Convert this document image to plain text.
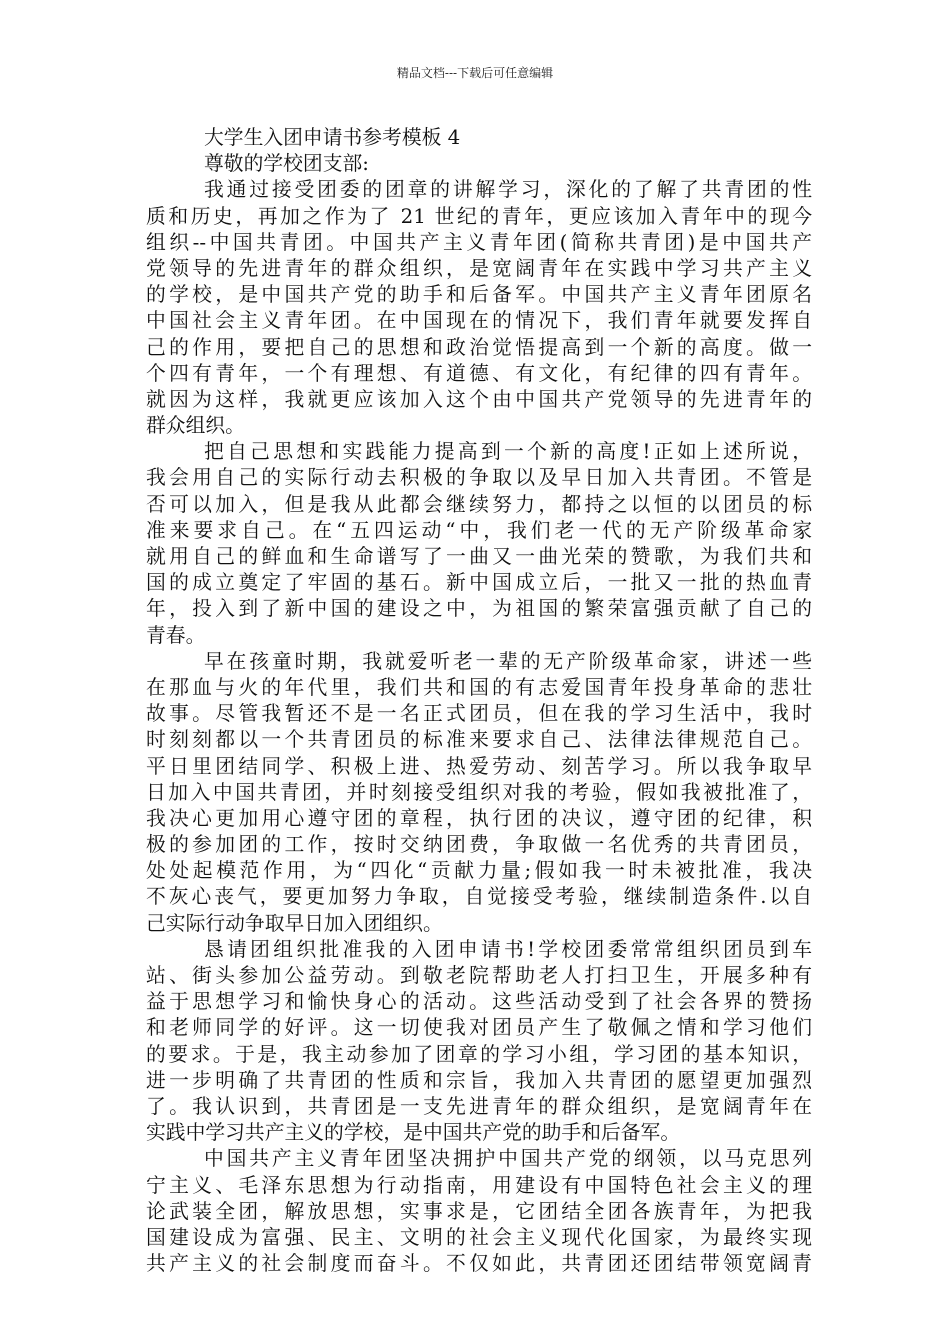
精品文档---下载后可任意编辑
大学生入团申请书参考模板 4
尊敬的学校团支部:
我通过接受团委的团章的讲解学习，深化的了解了共青团的性
质和历史，再加之作为了 21 世纪的青年，更应该加入青年中的现今
组织--中国共青团。中国共产主义青年团(简称共青团)是中国共产
党领导的先进青年的群众组织，是宽阔青年在实践中学习共产主义
的学校，是中国共产党的助手和后备军。中国共产主义青年团原名
中国社会主义青年团。在中国现在的情况下，我们青年就要发挥自
己的作用，要把自己的思想和政治觉悟提高到一个新的高度。做一
个四有青年，一个有理想、有道德、有文化，有纪律的四有青年。
就因为这样，我就更应该加入这个由中国共产党领导的先进青年的
群众组织。
把自己思想和实践能力提高到一个新的高度!正如上述所说，
我会用自己的实际行动去积极的争取以及早日加入共青团。不管是
否可以加入，但是我从此都会继续努力，都持之以恒的以团员的标
准来要求自己。在“五四运动“中，我们老一代的无产阶级革命家
就用自己的鲜血和生命谱写了一曲又一曲光荣的赞歌，为我们共和
国的成立奠定了牢固的基石。新中国成立后，一批又一批的热血青
年，投入到了新中国的建设之中，为祖国的繁荣富强贡献了自己的
青春。
早在孩童时期，我就爱听老一辈的无产阶级革命家，讲述一些
在那血与火的年代里，我们共和国的有志爱国青年投身革命的悲壮
故事。尽管我暂还不是一名正式团员，但在我的学习生活中，我时
时刻刻都以一个共青团员的标准来要求自己、法律法律规范自己。
平日里团结同学、积极上进、热爱劳动、刻苦学习。所以我争取早
日加入中国共青团，并时刻接受组织对我的考验，假如我被批准了，
我决心更加用心遵守团的章程，执行团的决议，遵守团的纪律，积
极的参加团的工作，按时交纳团费，争取做一名优秀的共青团员，
处处起模范作用，为“四化“贡献力量;假如我一时未被批准，我决
不灰心丧气，要更加努力争取，自觉接受考验，继续制造条件.以自
己实际行动争取早日加入团组织。
恳请团组织批准我的入团申请书!学校团委常常组织团员到车
站、街头参加公益劳动。到敬老院帮助老人打扫卫生，开展多种有
益于思想学习和愉快身心的活动。这些活动受到了社会各界的赞扬
和老师同学的好评。这一切使我对团员产生了敬佩之情和学习他们
的要求。于是，我主动参加了团章的学习小组，学习团的基本知识，
进一步明确了共青团的性质和宗旨，我加入共青团的愿望更加强烈
了。我认识到，共青团是一支先进青年的群众组织，是宽阔青年在
实践中学习共产主义的学校，是中国共产党的助手和后备军。
中国共产主义青年团坚决拥护中国共产党的纲领，以马克思列
宁主义、毛泽东思想为行动指南，用建设有中国特色社会主义的理
论武装全团，解放思想，实事求是，它团结全团各族青年，为把我
国建设成为富强、民主、文明的社会主义现代化国家，为最终实现
共产主义的社会制度而奋斗。不仅如此，共青团还团结带领宽阔青
